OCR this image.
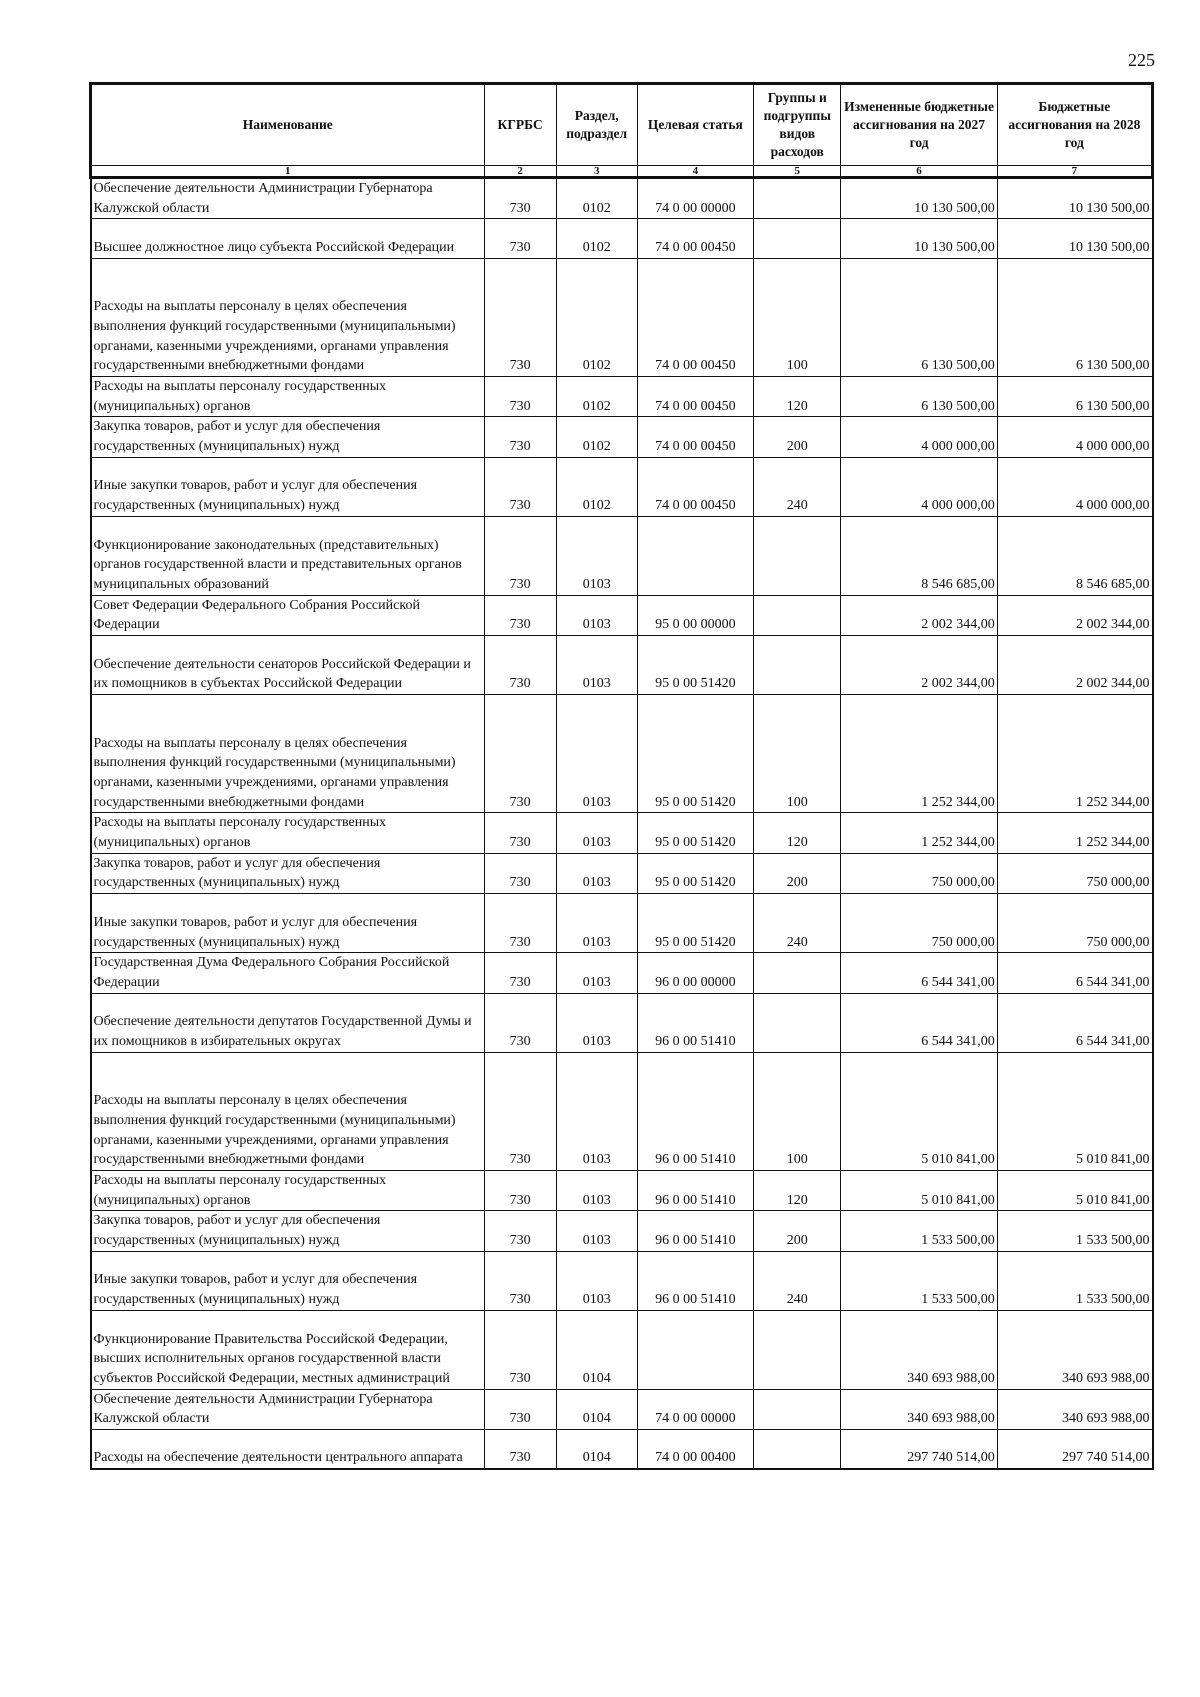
225
Наименование	КГРБС	Раздел, подраздел	Целевая статья	Группы и подгруппы видов расходов	Измененные бюджетные ассигнования на 2027 год	Бюджетные ассигнования на 2028 год
1	2	3	4	5	6	7
Обеспечение деятельности Администрации Губернатора Калужской области	730	0102	74 0 00 00000		10 130 500,00	10 130 500,00
Высшее должностное лицо субъекта Российской Федерации	730	0102	74 0 00 00450		10 130 500,00	10 130 500,00
Расходы на выплаты персоналу в целях обеспечения выполнения функций государственными (муниципальными) органами, казенными учреждениями, органами управления государственными внебюджетными фондами	730	0102	74 0 00 00450	100	6 130 500,00	6 130 500,00
Расходы на выплаты персоналу государственных (муниципальных) органов	730	0102	74 0 00 00450	120	6 130 500,00	6 130 500,00
Закупка товаров, работ и услуг для обеспечения государственных (муниципальных) нужд	730	0102	74 0 00 00450	200	4 000 000,00	4 000 000,00
Иные закупки товаров, работ и услуг для обеспечения государственных (муниципальных) нужд	730	0102	74 0 00 00450	240	4 000 000,00	4 000 000,00
Функционирование законодательных (представительных) органов государственной власти и представительных органов муниципальных образований	730	0103			8 546 685,00	8 546 685,00
Совет Федерации Федерального Собрания Российской Федерации	730	0103	95 0 00 00000		2 002 344,00	2 002 344,00
Обеспечение деятельности сенаторов Российской Федерации и их помощников в субъектах Российской Федерации	730	0103	95 0 00 51420		2 002 344,00	2 002 344,00
Расходы на выплаты персоналу в целях обеспечения выполнения функций государственными (муниципальными) органами, казенными учреждениями, органами управления государственными внебюджетными фондами	730	0103	95 0 00 51420	100	1 252 344,00	1 252 344,00
Расходы на выплаты персоналу государственных (муниципальных) органов	730	0103	95 0 00 51420	120	1 252 344,00	1 252 344,00
Закупка товаров, работ и услуг для обеспечения государственных (муниципальных) нужд	730	0103	95 0 00 51420	200	750 000,00	750 000,00
Иные закупки товаров, работ и услуг для обеспечения государственных (муниципальных) нужд	730	0103	95 0 00 51420	240	750 000,00	750 000,00
Государственная Дума Федерального Собрания Российской Федерации	730	0103	96 0 00 00000		6 544 341,00	6 544 341,00
Обеспечение деятельности депутатов Государственной Думы и их помощников в избирательных округах	730	0103	96 0 00 51410		6 544 341,00	6 544 341,00
Расходы на выплаты персоналу в целях обеспечения выполнения функций государственными (муниципальными) органами, казенными учреждениями, органами управления государственными внебюджетными фондами	730	0103	96 0 00 51410	100	5 010 841,00	5 010 841,00
Расходы на выплаты персоналу государственных (муниципальных) органов	730	0103	96 0 00 51410	120	5 010 841,00	5 010 841,00
Закупка товаров, работ и услуг для обеспечения государственных (муниципальных) нужд	730	0103	96 0 00 51410	200	1 533 500,00	1 533 500,00
Иные закупки товаров, работ и услуг для обеспечения государственных (муниципальных) нужд	730	0103	96 0 00 51410	240	1 533 500,00	1 533 500,00
Функционирование Правительства Российской Федерации, высших исполнительных органов государственной власти субъектов Российской Федерации, местных администраций	730	0104			340 693 988,00	340 693 988,00
Обеспечение деятельности Администрации Губернатора Калужской области	730	0104	74 0 00 00000		340 693 988,00	340 693 988,00
Расходы на обеспечение деятельности центрального аппарата	730	0104	74 0 00 00400		297 740 514,00	297 740 514,00
